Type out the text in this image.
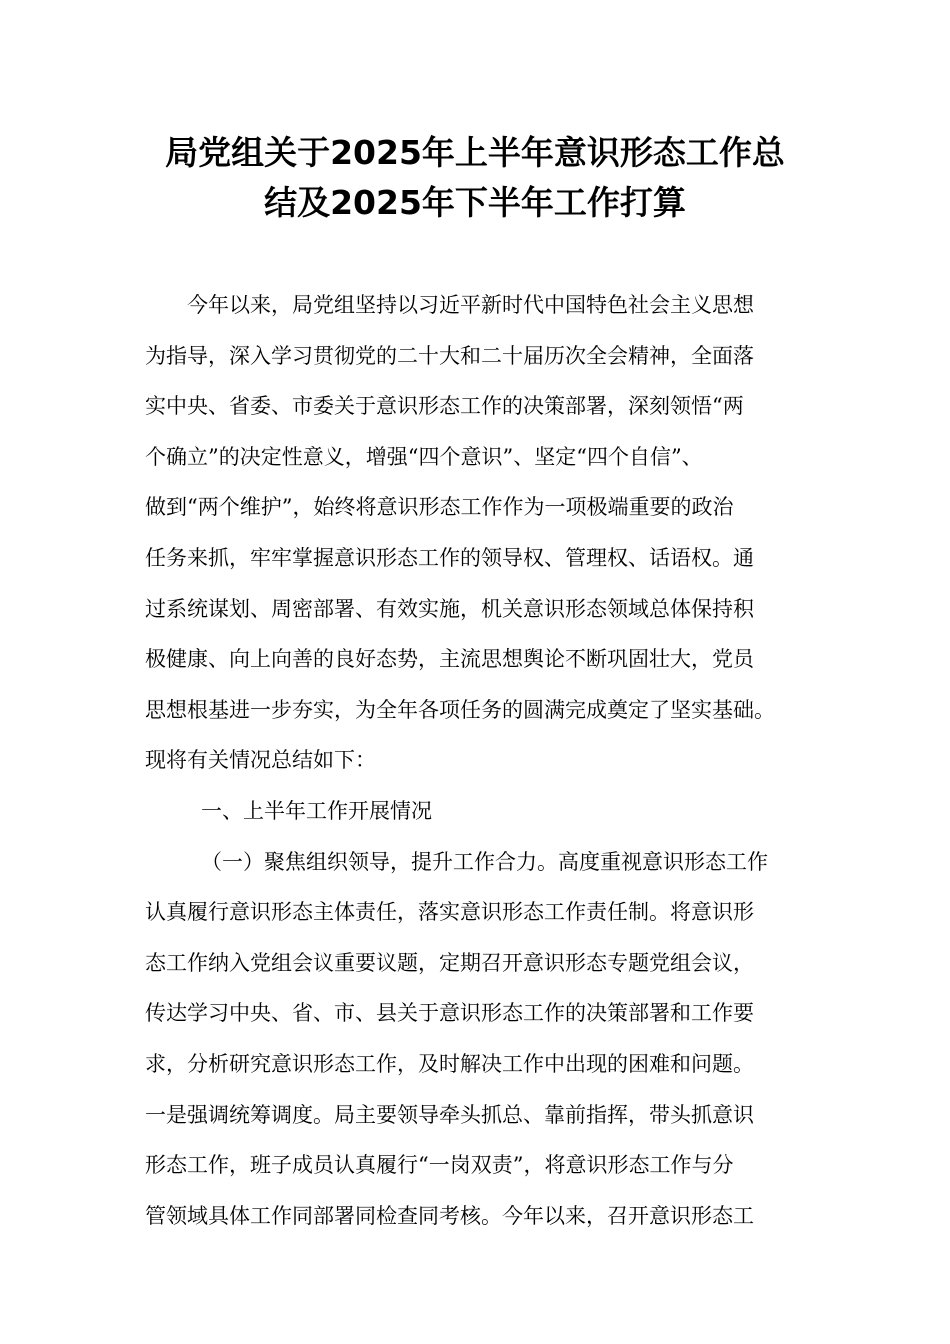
局党组关于2025年上半年意识形态工作总
结及2025年下半年工作打算
今年以来，局党组坚持以习近平新时代中国特色社会主义思想
为指导，深入学习贯彻党的二十大和二十届历次全会精神，全面落
实中央、省委、市委关于意识形态工作的决策部署，深刻领悟“两
个确立”的决定性意义，增强“四个意识”、坚定“四个自信”、
做到“两个维护”，始终将意识形态工作作为一项极端重要的政治
任务来抓，牢牢掌握意识形态工作的领导权、管理权、话语权。通
过系统谋划、周密部署、有效实施，机关意识形态领域总体保持积
极健康、向上向善的良好态势，主流思想舆论不断巩固壮大，党员
思想根基进一步夯实，为全年各项任务的圆满完成奠定了坚实基础。
现将有关情况总结如下：
一、上半年工作开展情况
（一）聚焦组织领导，提升工作合力。高度重视意识形态工作
认真履行意识形态主体责任，落实意识形态工作责任制。将意识形
态工作纳入党组会议重要议题，定期召开意识形态专题党组会议，
传达学习中央、省、市、县关于意识形态工作的决策部署和工作要
求，分析研究意识形态工作，及时解决工作中出现的困难和问题。
一是强调统筹调度。局主要领导牵头抓总、靠前指挥，带头抓意识
形态工作，班子成员认真履行“一岗双责”，将意识形态工作与分
管领域具体工作同部署同检查同考核。今年以来，召开意识形态工
